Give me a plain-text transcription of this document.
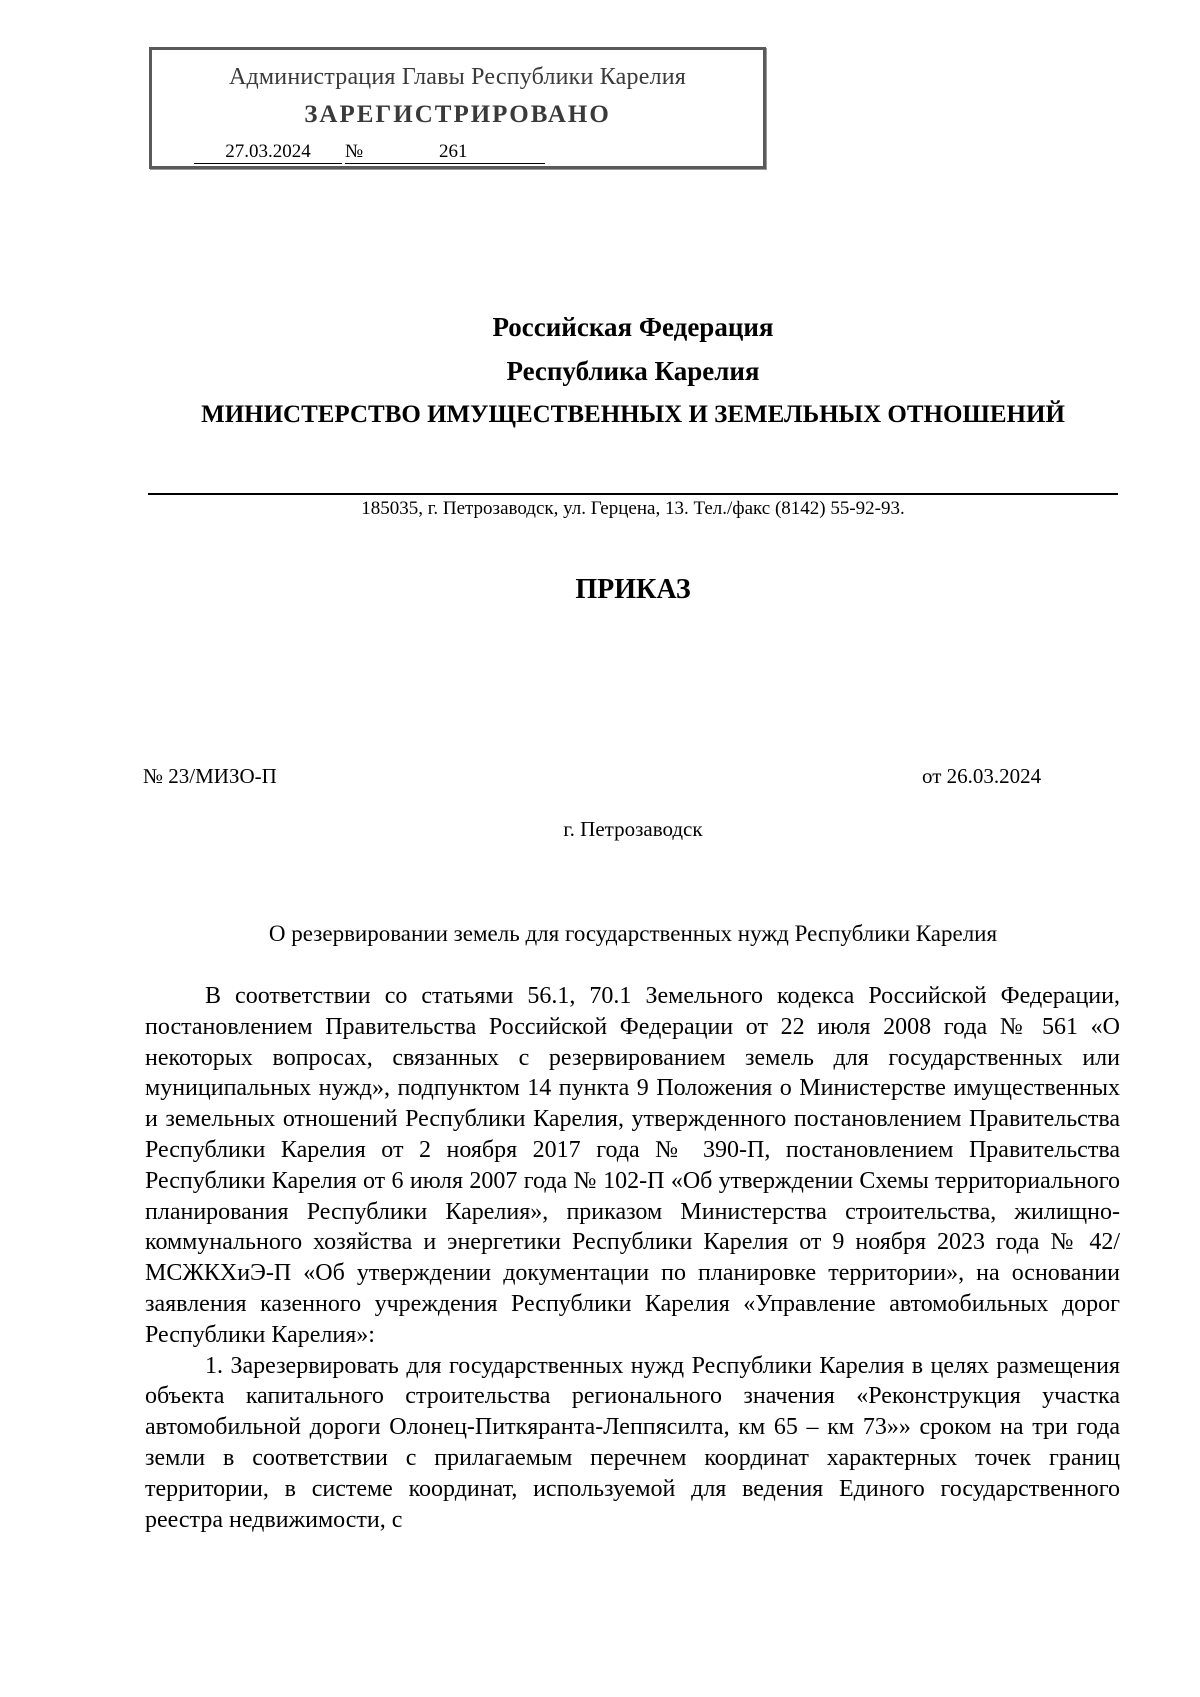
Администрация Главы Республики Карелия
ЗАРЕГИСТРИРОВАНО
27.03.2024	№	261
Российская Федерация
Республика Карелия
МИНИСТЕРСТВО ИМУЩЕСТВЕННЫХ И ЗЕМЕЛЬНЫХ ОТНОШЕНИЙ
185035, г. Петрозаводск, ул. Герцена, 13. Тел./факс (8142) 55-92-93.
ПРИКАЗ
№ 23/МИЗО-П	от 26.03.2024
г. Петрозаводск
О резервировании земель для государственных нужд Республики Карелия

В соответствии со статьями 56.1, 70.1 Земельного кодекса Российской Федерации, постановлением Правительства Российской Федерации от 22 июля 2008 года № 561 «О некоторых вопросах, связанных с резервированием земель для государственных или муниципальных нужд», подпунктом 14 пункта 9 Положения о Министерстве имущественных и земельных отношений Республики Карелия, утвержденного постановлением Правительства Республики Карелия от 2 ноября 2017 года № 390-П, постановлением Правительства Республики Карелия от 6 июля 2007 года № 102-П «Об утверждении Схемы территориального планирования Республики Карелия», приказом Министерства строительства, жилищно-коммунального хозяйства и энергетики Республики Карелия от 9 ноября 2023 года № 42/МСЖКХиЭ-П «Об утверждении документации по планировке территории», на основании заявления казенного учреждения Республики Карелия «Управление автомобильных дорог Республики Карелия»:

1. Зарезервировать для государственных нужд Республики Карелия в целях размещения объекта капитального строительства регионального значения «Реконструкция участка автомобильной дороги Олонец-Питкяранта-Леппясилта, км 65 – км 73»» сроком на три года земли в соответствии с прилагаемым перечнем координат характерных точек границ территории, в системе координат, используемой для ведения Единого государственного реестра недвижимости, с
